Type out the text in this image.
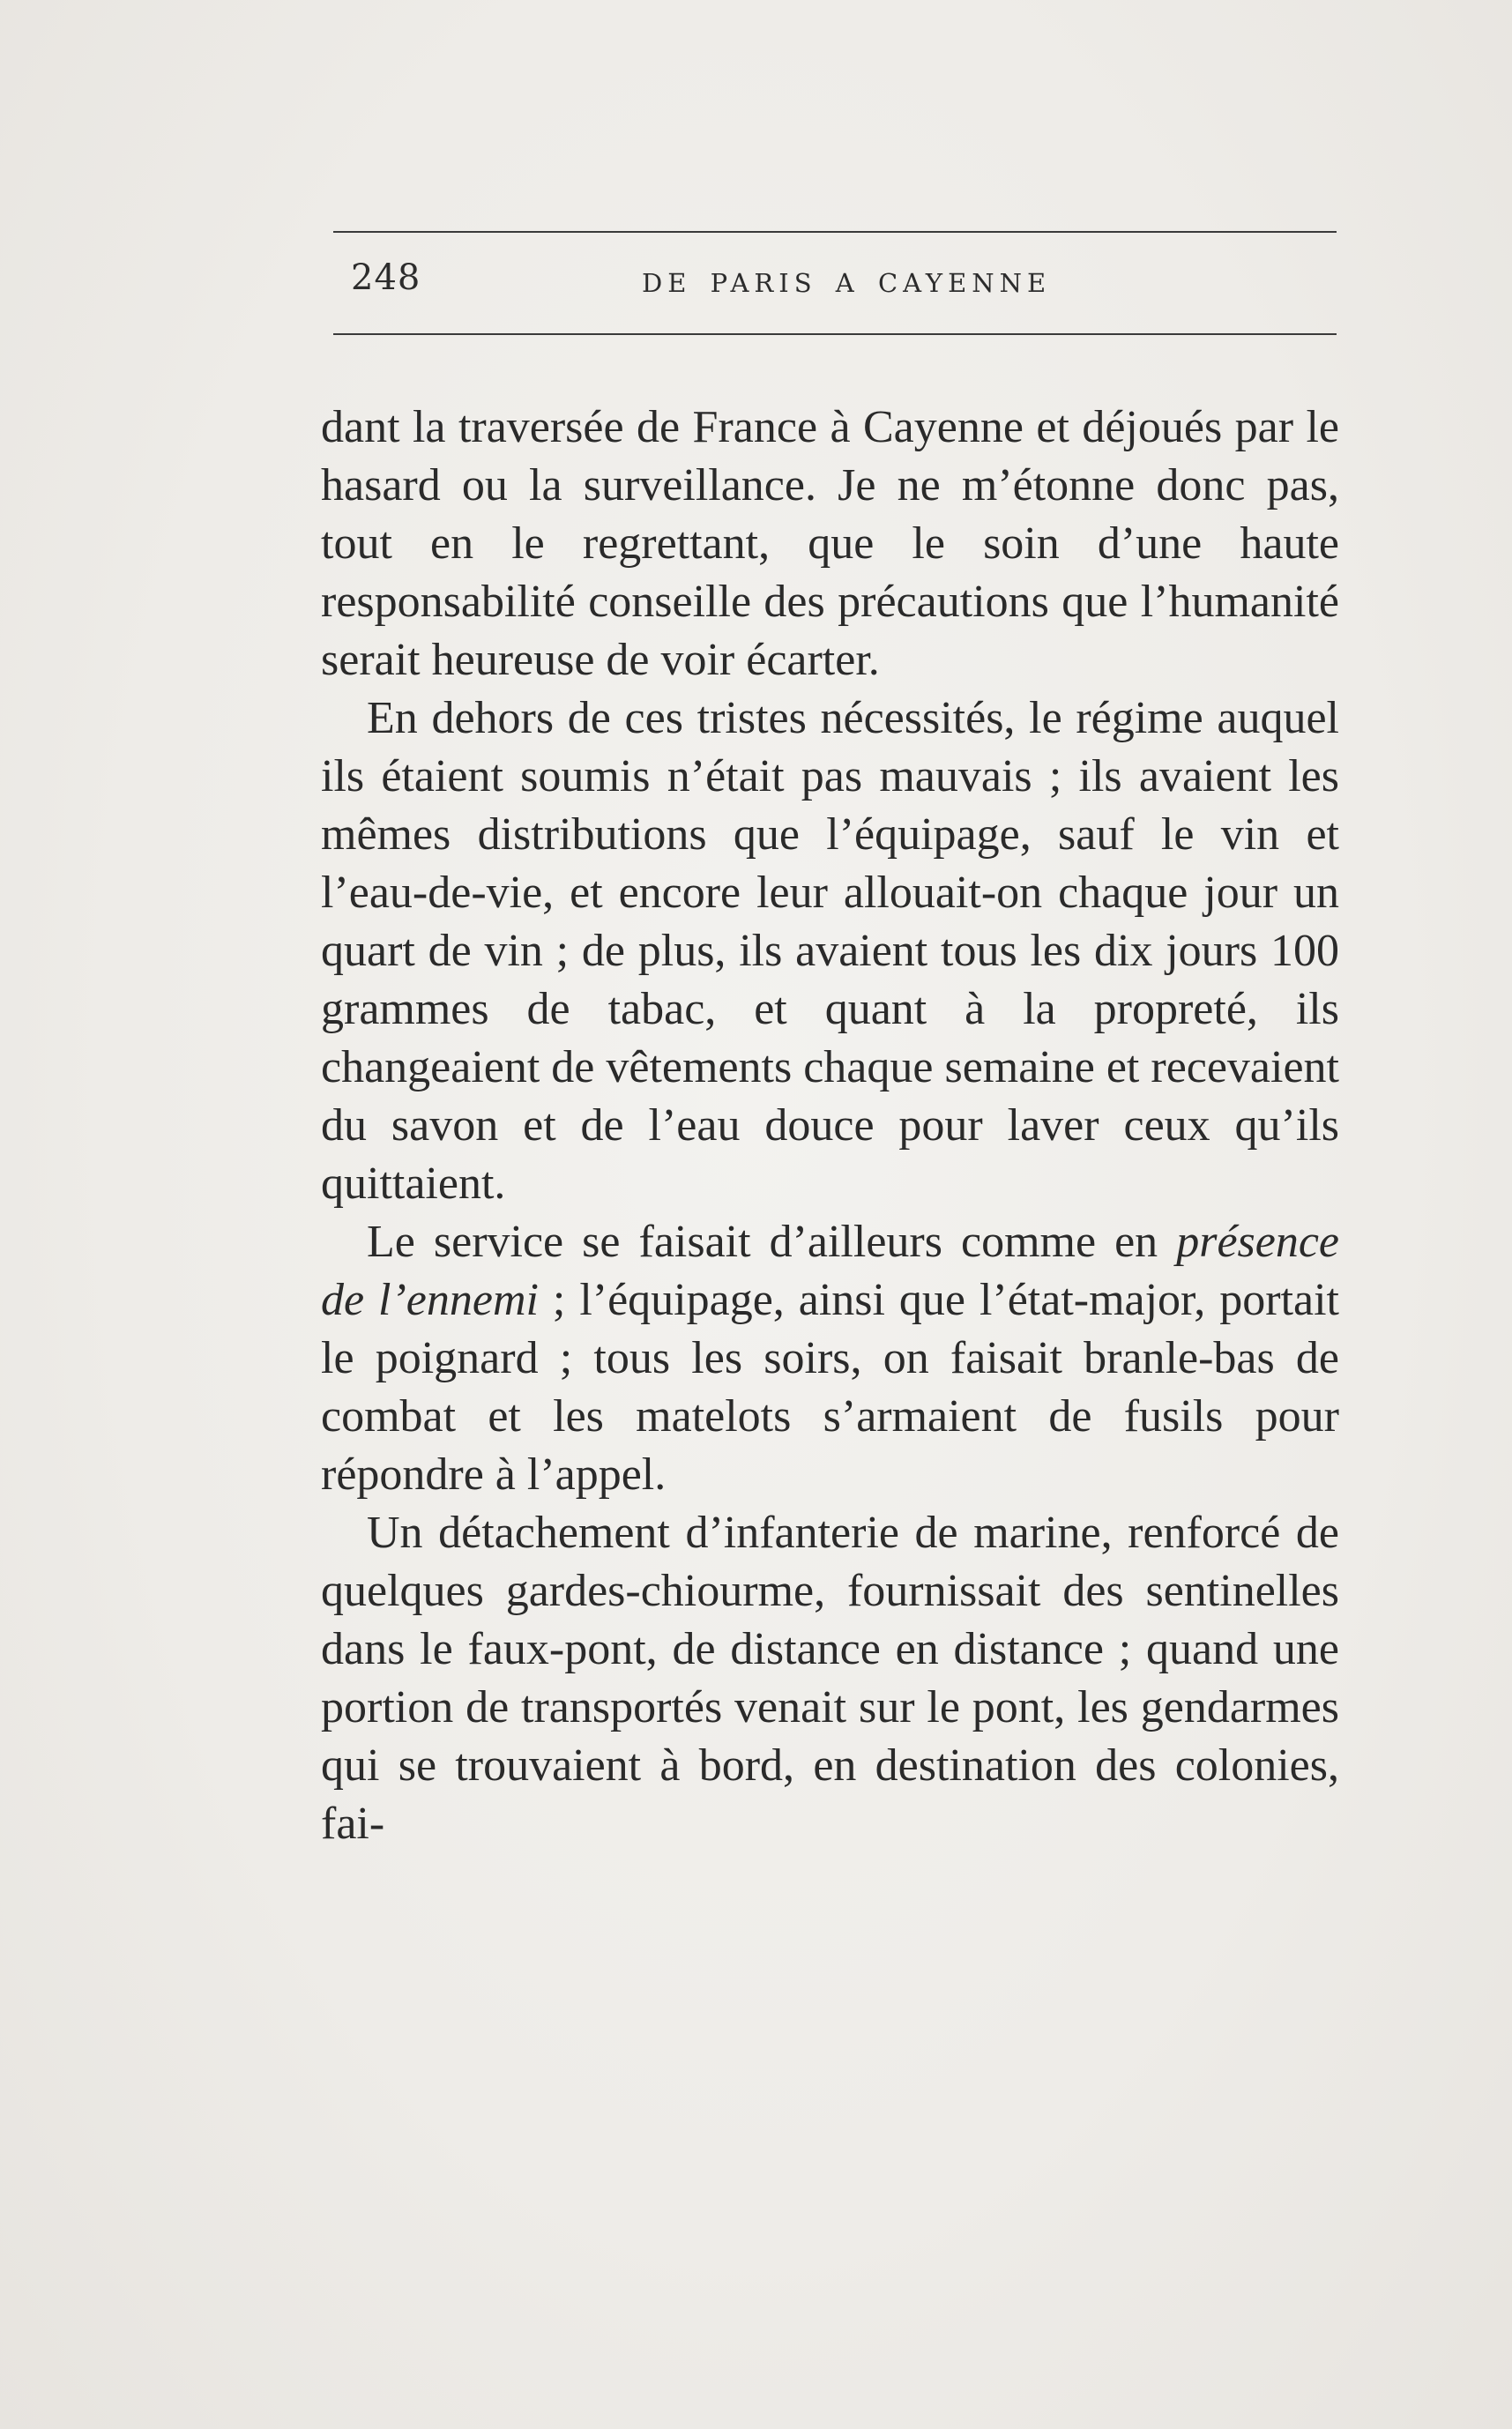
248	DE PARIS A CAYENNE

dant la traversée de France à Cayenne et déjoués par le hasard ou la surveillance. Je ne m’étonne donc pas, tout en le regrettant, que le soin d’une haute responsabilité conseille des précautions que l’humanité serait heureuse de voir écarter.

En dehors de ces tristes nécessités, le régime auquel ils étaient soumis n’était pas mauvais ; ils avaient les mêmes distributions que l’équipage, sauf le vin et l’eau-de-vie, et encore leur allouait-on chaque jour un quart de vin ; de plus, ils avaient tous les dix jours 100 grammes de tabac, et quant à la propreté, ils changeaient de vêtements chaque semaine et recevaient du savon et de l’eau douce pour laver ceux qu’ils quittaient.

Le service se faisait d’ailleurs comme en présence de l’ennemi ; l’équipage, ainsi que l’état-major, portait le poignard ; tous les soirs, on faisait branle-bas de combat et les matelots s’armaient de fusils pour répondre à l’appel.

Un détachement d’infanterie de marine, renforcé de quelques gardes-chiourme, fournissait des sentinelles dans le faux-pont, de distance en distance ; quand une portion de transportés venait sur le pont, les gendarmes qui se trouvaient à bord, en destination des colonies, fai-
